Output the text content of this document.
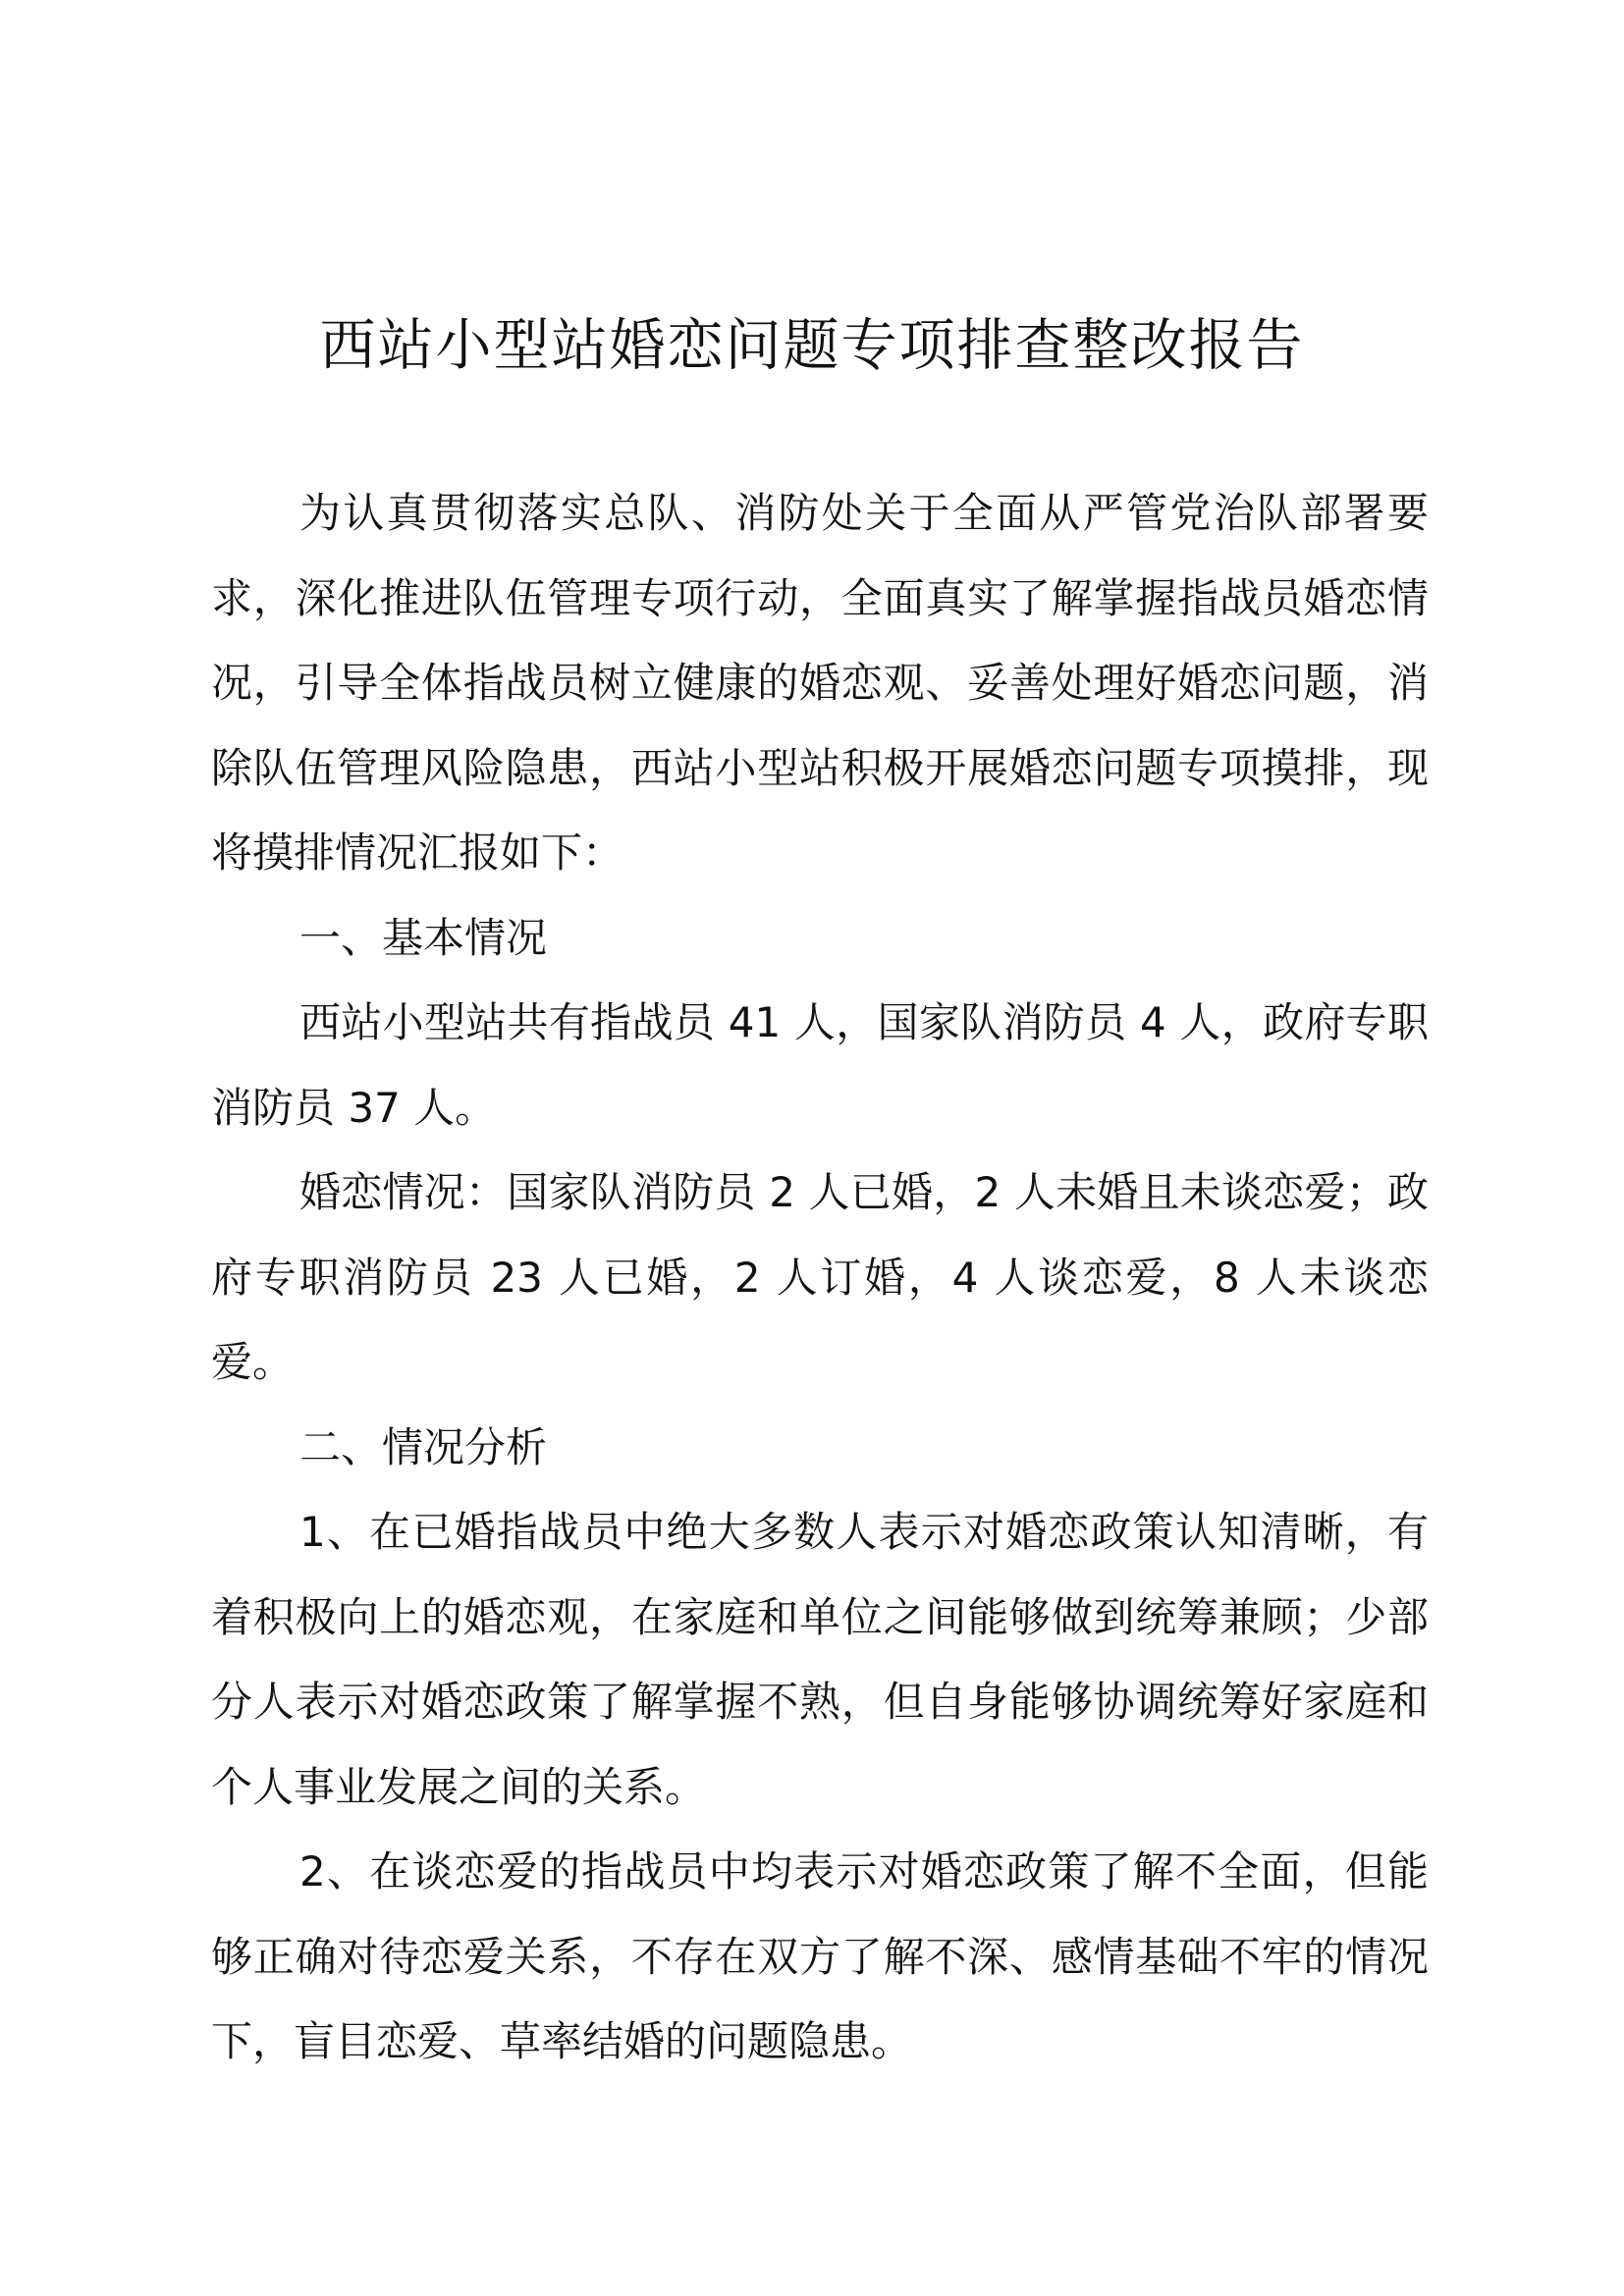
西站小型站婚恋问题专项排查整改报告

为认真贯彻落实总队、消防处关于全面从严管党治队部署要求，深化推进队伍管理专项行动，全面真实了解掌握指战员婚恋情况，引导全体指战员树立健康的婚恋观、妥善处理好婚恋问题，消除队伍管理风险隐患，西站小型站积极开展婚恋问题专项摸排，现将摸排情况汇报如下：

一、基本情况

西站小型站共有指战员 41 人，国家队消防员 4 人，政府专职消防员 37 人。

婚恋情况：国家队消防员 2 人已婚，2 人未婚且未谈恋爱；政府专职消防员 23 人已婚，2 人订婚，4 人谈恋爱，8 人未谈恋爱。

二、情况分析

1、在已婚指战员中绝大多数人表示对婚恋政策认知清晰，有着积极向上的婚恋观，在家庭和单位之间能够做到统筹兼顾；少部分人表示对婚恋政策了解掌握不熟，但自身能够协调统筹好家庭和个人事业发展之间的关系。

2、在谈恋爱的指战员中均表示对婚恋政策了解不全面，但能够正确对待恋爱关系，不存在双方了解不深、感情基础不牢的情况下，盲目恋爱、草率结婚的问题隐患。
